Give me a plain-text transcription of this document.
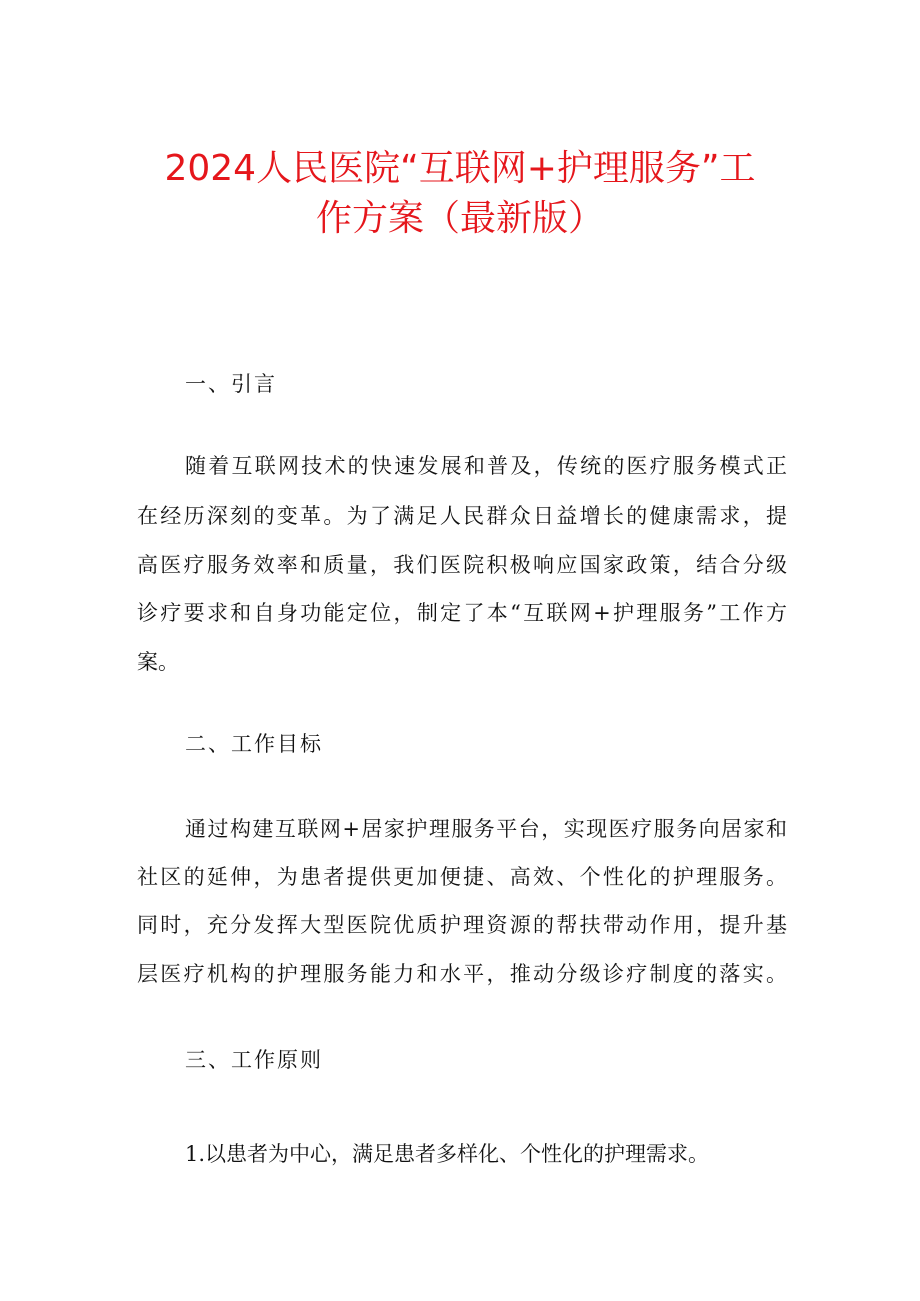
2024人民医院“互联网+护理服务”工
作方案（最新版）
一、引言
随着互联网技术的快速发展和普及，传统的医疗服务模式正
在经历深刻的变革。为了满足人民群众日益增长的健康需求，提
高医疗服务效率和质量，我们医院积极响应国家政策，结合分级
诊疗要求和自身功能定位，制定了本“互联网+护理服务”工作方
案。
二、工作目标
通过构建互联网+居家护理服务平台，实现医疗服务向居家和
社区的延伸，为患者提供更加便捷、高效、个性化的护理服务。
同时，充分发挥大型医院优质护理资源的帮扶带动作用，提升基
层医疗机构的护理服务能力和水平，推动分级诊疗制度的落实。
三、工作原则
1.以患者为中心，满足患者多样化、个性化的护理需求。
